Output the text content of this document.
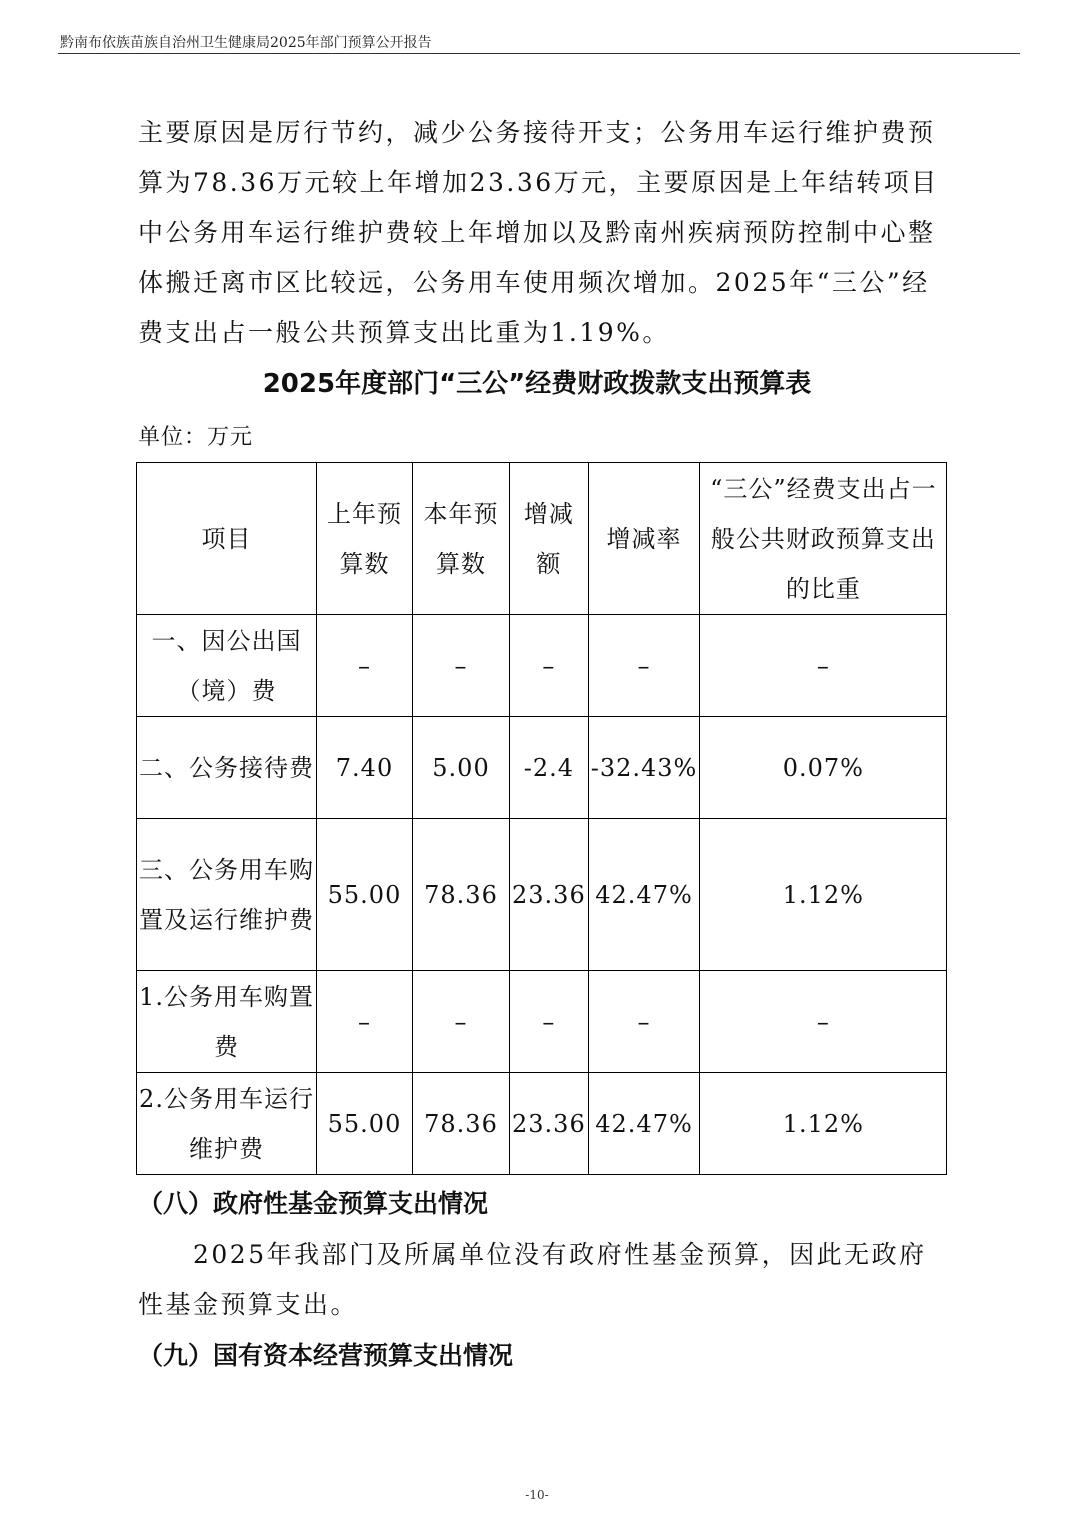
黔南布依族苗族自治州卫生健康局2025年部门预算公开报告
主要原因是厉行节约，减少公务接待开支；公务用车运行维护费预算为78.36万元较上年增加23.36万元，主要原因是上年结转项目中公务用车运行维护费较上年增加以及黔南州疾病预防控制中心整体搬迁离市区比较远，公务用车使用频次增加。2025年“三公”经费支出占一般公共预算支出比重为1.19%。
2025年度部门“三公”经费财政拨款支出预算表
单位：万元
项目	上年预算数	本年预算数	增减额	增减率	“三公”经费支出占一般公共财政预算支出的比重
一、因公出国（境）费	–	–	–	–	–
二、公务接待费	7.40	5.00	-2.4	-32.43%	0.07%
三、公务用车购置及运行维护费	55.00	78.36	23.36	42.47%	1.12%
1.公务用车购置费	–	–	–	–	–
2.公务用车运行维护费	55.00	78.36	23.36	42.47%	1.12%
（八）政府性基金预算支出情况
2025年我部门及所属单位没有政府性基金预算，因此无政府性基金预算支出。
（九）国有资本经营预算支出情况
-10-
